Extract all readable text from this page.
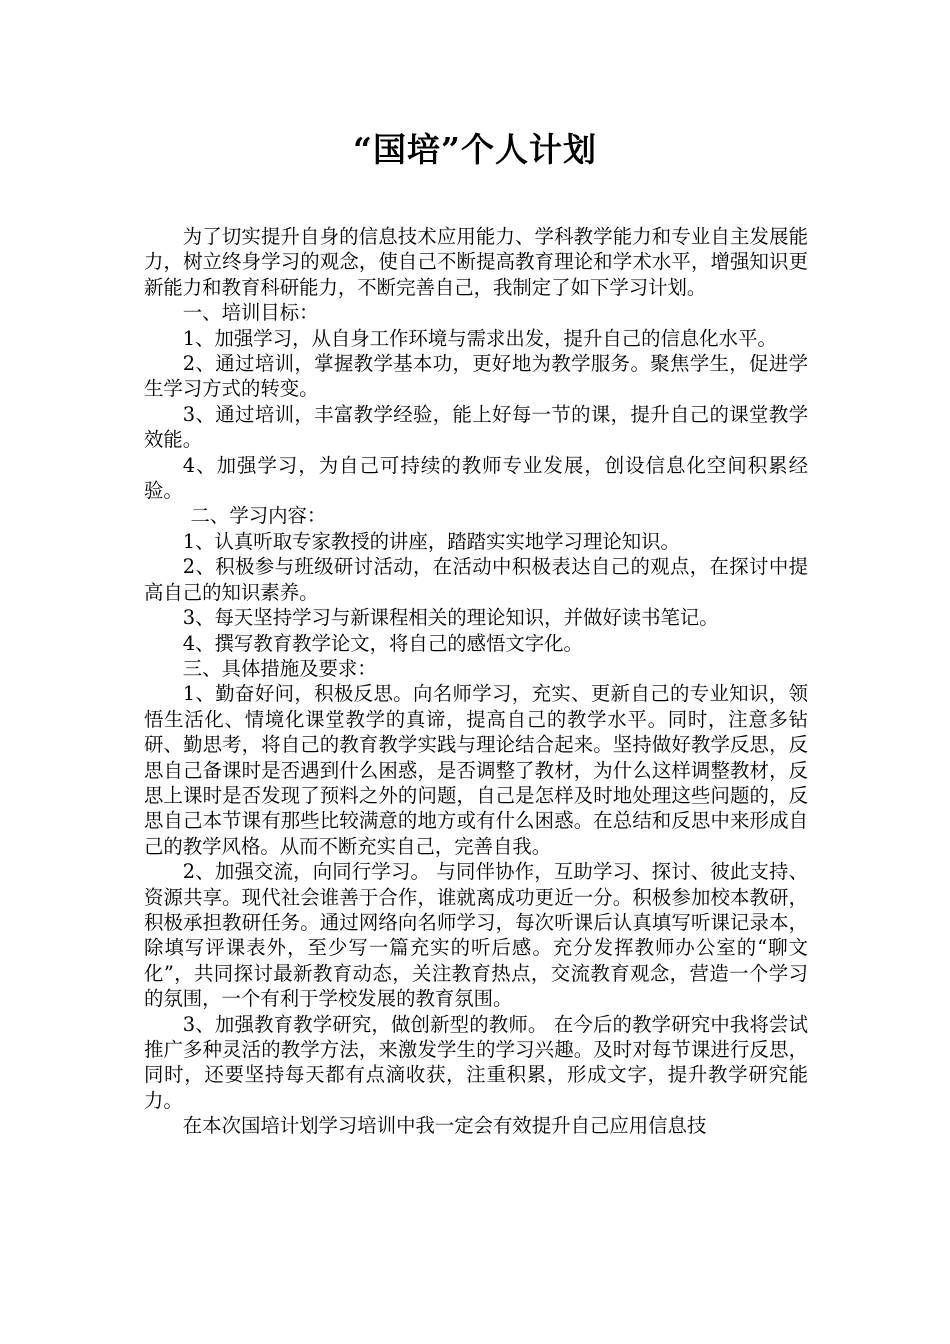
“国培”个人计划

为了切实提升自身的信息技术应用能力、学科教学能力和专业自主发展能力，树立终身学习的观念，使自己不断提高教育理论和学术水平，增强知识更新能力和教育科研能力，不断完善自己，我制定了如下学习计划。

一、培训目标：

1、加强学习，从自身工作环境与需求出发，提升自己的信息化水平。

2、通过培训，掌握教学基本功，更好地为教学服务。聚焦学生，促进学生学习方式的转变。

3、通过培训，丰富教学经验，能上好每一节的课，提升自己的课堂教学效能。

4、加强学习，为自己可持续的教师专业发展，创设信息化空间积累经验。

二、学习内容：

1、认真听取专家教授的讲座，踏踏实实地学习理论知识。

2、积极参与班级研讨活动，在活动中积极表达自己的观点，在探讨中提高自己的知识素养。

3、每天坚持学习与新课程相关的理论知识，并做好读书笔记。

4、撰写教育教学论文，将自己的感悟文字化。

三、具体措施及要求：

1、勤奋好问，积极反思。向名师学习，充实、更新自己的专业知识，领悟生活化、情境化课堂教学的真谛，提高自己的教学水平。同时，注意多钻研、勤思考，将自己的教育教学实践与理论结合起来。坚持做好教学反思，反思自己备课时是否遇到什么困惑，是否调整了教材，为什么这样调整教材，反思上课时是否发现了预料之外的问题，自己是怎样及时地处理这些问题的，反思自己本节课有那些比较满意的地方或有什么困惑。在总结和反思中来形成自己的教学风格。从而不断充实自己，完善自我。

2、加强交流，向同行学习。 与同伴协作，互助学习、探讨、彼此支持、资源共享。现代社会谁善于合作，谁就离成功更近一分。积极参加校本教研，积极承担教研任务。通过网络向名师学习，每次听课后认真填写听课记录本，除填写评课表外，至少写一篇充实的听后感。充分发挥教师办公室的“聊文化”，共同探讨最新教育动态，关注教育热点，交流教育观念，营造一个学习的氛围，一个有利于学校发展的教育氛围。

3、加强教育教学研究，做创新型的教师。 在今后的教学研究中我将尝试推广多种灵活的教学方法，来激发学生的学习兴趣。及时对每节课进行反思，同时，还要坚持每天都有点滴收获，注重积累，形成文字，提升教学研究能力。

在本次国培计划学习培训中我一定会有效提升自己应用信息技
